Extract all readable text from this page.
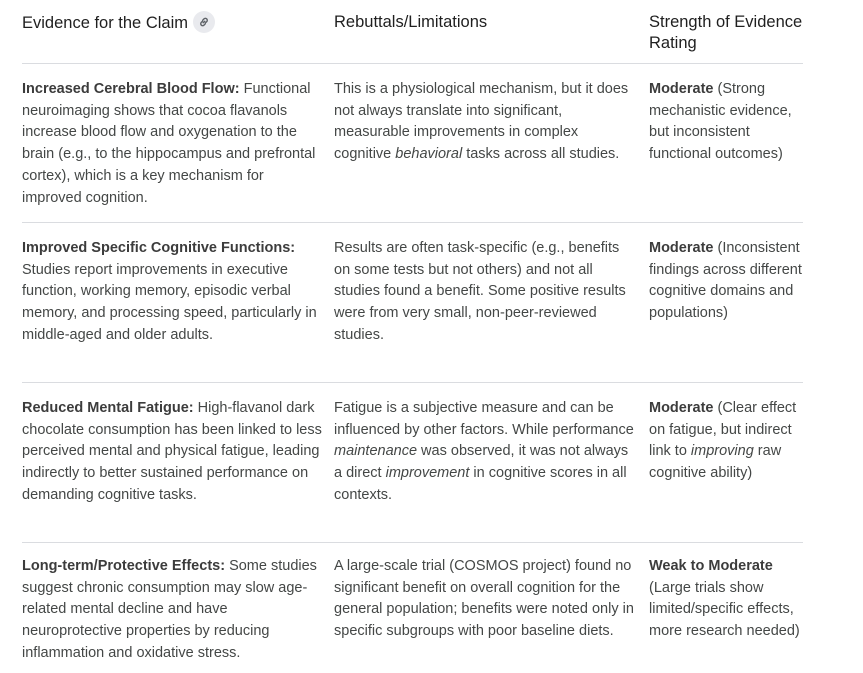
Evidence for the Claim	Rebuttals/Limitations	Strength of Evidence Rating
Increased Cerebral Blood Flow: Functional neuroimaging shows that cocoa flavanols increase blood flow and oxygenation to the brain (e.g., to the hippocampus and prefrontal cortex), which is a key mechanism for improved cognition.
This is a physiological mechanism, but it does not always translate into significant, measurable improvements in complex cognitive behavioral tasks across all studies.
Moderate (Strong mechanistic evidence, but inconsistent functional outcomes)
Improved Specific Cognitive Functions: Studies report improvements in executive function, working memory, episodic verbal memory, and processing speed, particularly in middle-aged and older adults.
Results are often task-specific (e.g., benefits on some tests but not others) and not all studies found a benefit. Some positive results were from very small, non-peer-reviewed studies.
Moderate (Inconsistent findings across different cognitive domains and populations)
Reduced Mental Fatigue: High-flavanol dark chocolate consumption has been linked to less perceived mental and physical fatigue, leading indirectly to better sustained performance on demanding cognitive tasks.
Fatigue is a subjective measure and can be influenced by other factors. While performance maintenance was observed, it was not always a direct improvement in cognitive scores in all contexts.
Moderate (Clear effect on fatigue, but indirect link to improving raw cognitive ability)
Long-term/Protective Effects: Some studies suggest chronic consumption may slow age-related mental decline and have neuroprotective properties by reducing inflammation and oxidative stress.
A large-scale trial (COSMOS project) found no significant benefit on overall cognition for the general population; benefits were noted only in specific subgroups with poor baseline diets.
Weak to Moderate (Large trials show limited/specific effects, more research needed)
